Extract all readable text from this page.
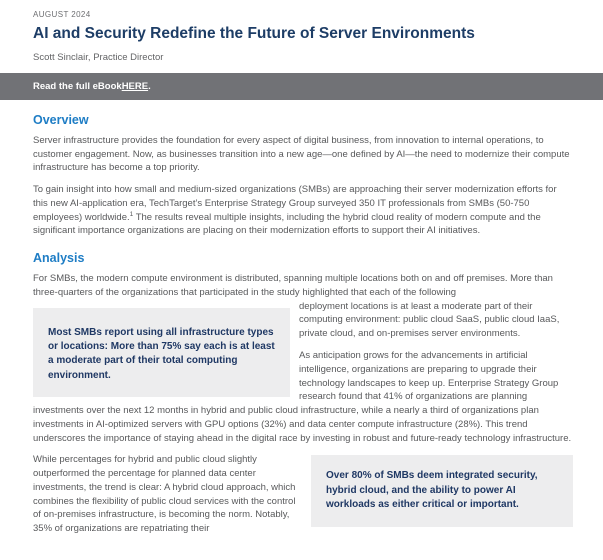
AUGUST 2024
AI and Security Redefine the Future of Server Environments
Scott Sinclair, Practice Director
Read the full eBook HERE .
Overview

Server infrastructure provides the foundation for every aspect of digital business, from innovation to internal operations, to customer engagement. Now, as businesses transition into a new age—one defined by AI—the need to modernize their compute infrastructure has become a top priority.

To gain insight into how small and medium-sized organizations (SMBs) are approaching their server modernization efforts for this new AI-application era, TechTarget’s Enterprise Strategy Group surveyed 350 IT professionals from SMBs (50-750 employees) worldwide.$^1$ The results reveal multiple insights, including the hybrid cloud reality of modern compute and the significant importance organizations are placing on their modernization efforts to support their AI initiatives.

Analysis

For SMBs, the modern compute environment is distributed, spanning multiple locations both on and off premises. More than three-quarters of the organizations that participated in the study highlighted that each of the following

Most SMBs report using all infrastructure types or locations: More than 75% say each is at least a moderate part of their total computing environment.

deployment locations is at least a moderate part of their computing environment: public cloud SaaS, public cloud IaaS, private cloud, and on-premises server environments.

As anticipation grows for the advancements in artificial intelligence, organizations are preparing to upgrade their technology landscapes to keep up. Enterprise Strategy Group research found that 41% of organizations are planning investments over the next 12 months in hybrid and public cloud infrastructure, while a nearly a third of organizations plan investments in AI-optimized servers with GPU options (32%) and data center compute infrastructure (28%). This trend underscores the importance of staying ahead in the digital race by investing in robust and future-ready technology infrastructure.

Over 80% of SMBs deem integrated security, hybrid cloud, and the ability to power AI workloads as either critical or important.

While percentages for hybrid and public cloud slightly outperformed the percentage for planned data center investments, the trend is clear: A hybrid cloud approach, which combines the flexibility of public cloud services with the control of on-premises infrastructure, is becoming the norm. Notably, 35% of organizations are repatriating their
